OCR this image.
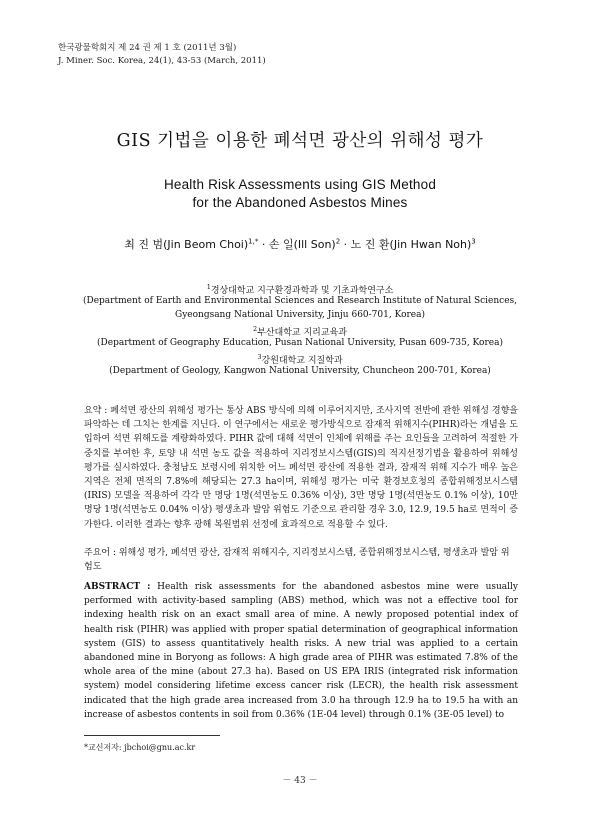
한국광물학회지 제 24 권 제 1 호 (2011년 3월)
J. Miner. Soc. Korea, 24(1), 43-53 (March, 2011)
GIS 기법을 이용한 폐석면 광산의 위해성 평가
Health Risk Assessments using GIS Method
for the Abandoned Asbestos Mines
최 진 범(Jin Beom Choi)$^{1,*}$ · 손 일(Ill Son)$^2$ · 노 진 환(Jin Hwan Noh)$^3$
$^1$경상대학교 지구환경과학과 및 기초과학연구소
(Department of Earth and Environmental Sciences and Research Institute of Natural Sciences,
Gyeongsang National University, Jinju 660-701, Korea)
$^2$부산대학교 지리교육과
(Department of Geography Education, Pusan National University, Pusan 609-735, Korea)
$^3$강원대학교 지질학과
(Department of Geology, Kangwon National University, Chuncheon 200-701, Korea)
요약 : 폐석면 광산의 위해성 평가는 통상 ABS 방식에 의해 이루어지지만, 조사지역 전반에 관한 위해성 경향을 파악하는 데 그치는 한계를 지닌다. 이 연구에서는 새로운 평가방식으로 잠재적 위해지수(PIHR)라는 개념을 도입하여 석면 위해도를 계량화하였다. PIHR 값에 대해 석면이 인체에 위해를 주는 요인들을 고려하여 적절한 가중치를 부여한 후, 토양 내 석면 농도 값을 적용하여 지리정보시스템(GIS)의 적지선정기법을 활용하여 위해성 평가를 실시하였다. 충청남도 보령시에 위치한 어느 폐석면 광산에 적용한 결과, 잠재적 위해 지수가 매우 높은 지역은 전체 면적의 7.8%에 해당되는 27.3 ha이며, 위해성 평가는 미국 환경보호청의 종합위해정보시스템(IRIS) 모델을 적용하여 각각 만 명당 1명(석면농도 0.36% 이상), 3만 명당 1명(석면농도 0.1% 이상), 10만 명당 1명(석면농도 0.04% 이상) 평생초과 발암 위험도 기준으로 관리할 경우 3.0, 12.9, 19.5 ha로 면적이 증가한다. 이러한 결과는 향후 광해 복원범위 선정에 효과적으로 적용할 수 있다.
주요어 : 위해성 평가, 폐석면 광산, 잠재적 위해지수, 지리정보시스템, 종합위해정보시스템, 평생초과 발암 위험도
ABSTRACT : Health risk assessments for the abandoned asbestos mine were usually performed with activity-based sampling (ABS) method, which was not a effective tool for indexing health risk on an exact small area of mine. A newly proposed potential index of health risk (PIHR) was applied with proper spatial determination of geographical information system (GIS) to assess quantitatively health risks. A new trial was applied to a certain abandoned mine in Boryong as follows: A high grade area of PIHR was estimated 7.8% of the whole area of the mine (about 27.3 ha). Based on US EPA IRIS (integrated risk information system) model considering lifetime excess cancer risk (LECR), the health risk assessment indicated that the high grade area increased from 3.0 ha through 12.9 ha to 19.5 ha with an increase of asbestos contents in soil from 0.36% (1E-04 level) through 0.1% (3E-05 level) to
*교신저자: jbchoi@gnu.ac.kr
－ 43 －
